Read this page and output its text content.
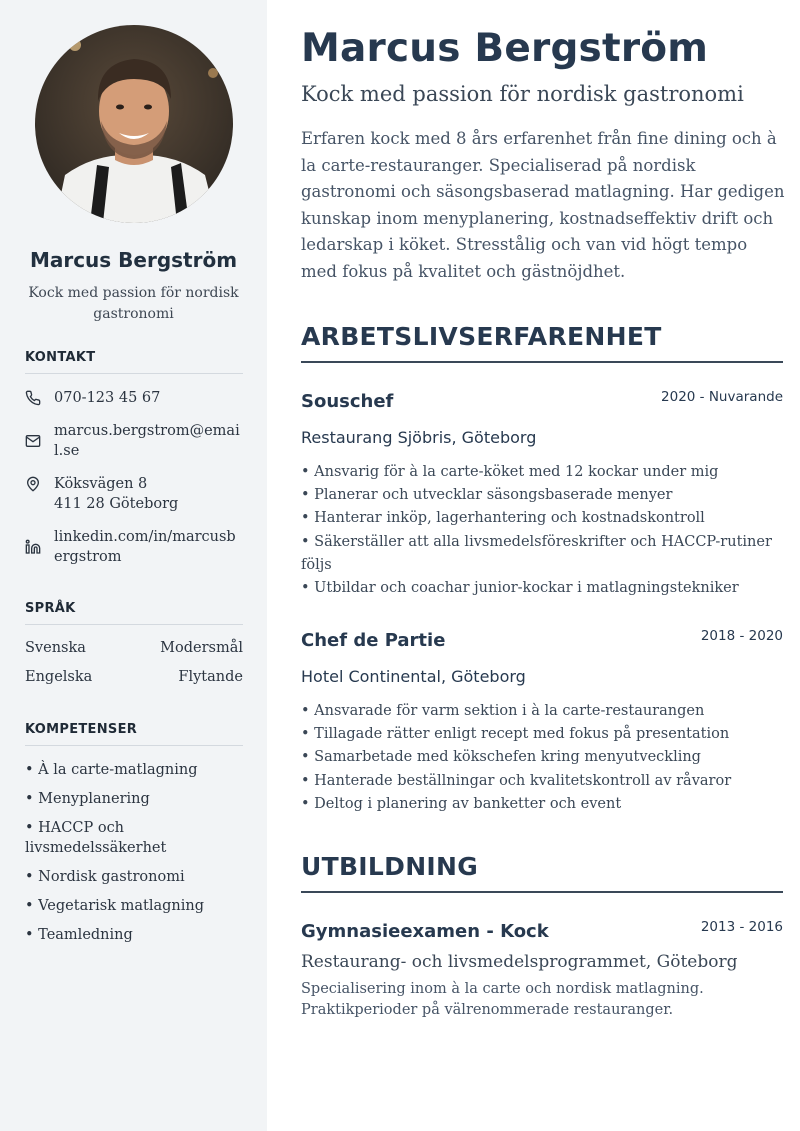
Marcus Bergström
Kock med passion för nordisk gastronomi
KONTAKT
070-123 45 67
marcus.bergstrom@email.se
Köksvägen 8
411 28 Göteborg
linkedin.com/in/marcusbergstrom
SPRÅK
Svenska	Modersmål
Engelska	Flytande
KOMPETENSER
• À la carte-matlagning
• Menyplanering
• HACCP och livsmedelssäkerhet
• Nordisk gastronomi
• Vegetarisk matlagning
• Teamledning
Marcus Bergström
Kock med passion för nordisk gastronomi
Erfaren kock med 8 års erfarenhet från fine dining och à la carte-restauranger. Specialiserad på nordisk gastronomi och säsongsbaserad matlagning. Har gedigen kunskap inom menyplanering, kostnadseffektiv drift och ledarskap i köket. Stresstålig och van vid högt tempo med fokus på kvalitet och gästnöjdhet.
ARBETSLIVSERFARENHET
Souschef	2020 - Nuvarande
Restaurang Sjöbris, Göteborg
• Ansvarig för à la carte-köket med 12 kockar under mig
• Planerar och utvecklar säsongsbaserade menyer
• Hanterar inköp, lagerhantering och kostnadskontroll
• Säkerställer att alla livsmedelsföreskrifter och HACCP-rutiner följs
• Utbildar och coachar junior-kockar i matlagningstekniker
Chef de Partie	2018 - 2020
Hotel Continental, Göteborg
• Ansvarade för varm sektion i à la carte-restaurangen
• Tillagade rätter enligt recept med fokus på presentation
• Samarbetade med kökschefen kring menyutveckling
• Hanterade beställningar och kvalitetskontroll av råvaror
• Deltog i planering av banketter och event
UTBILDNING
Gymnasieexamen - Kock	2013 - 2016
Restaurang- och livsmedelsprogrammet, Göteborg
Specialisering inom à la carte och nordisk matlagning. Praktikperioder på välrenommerade restauranger.
